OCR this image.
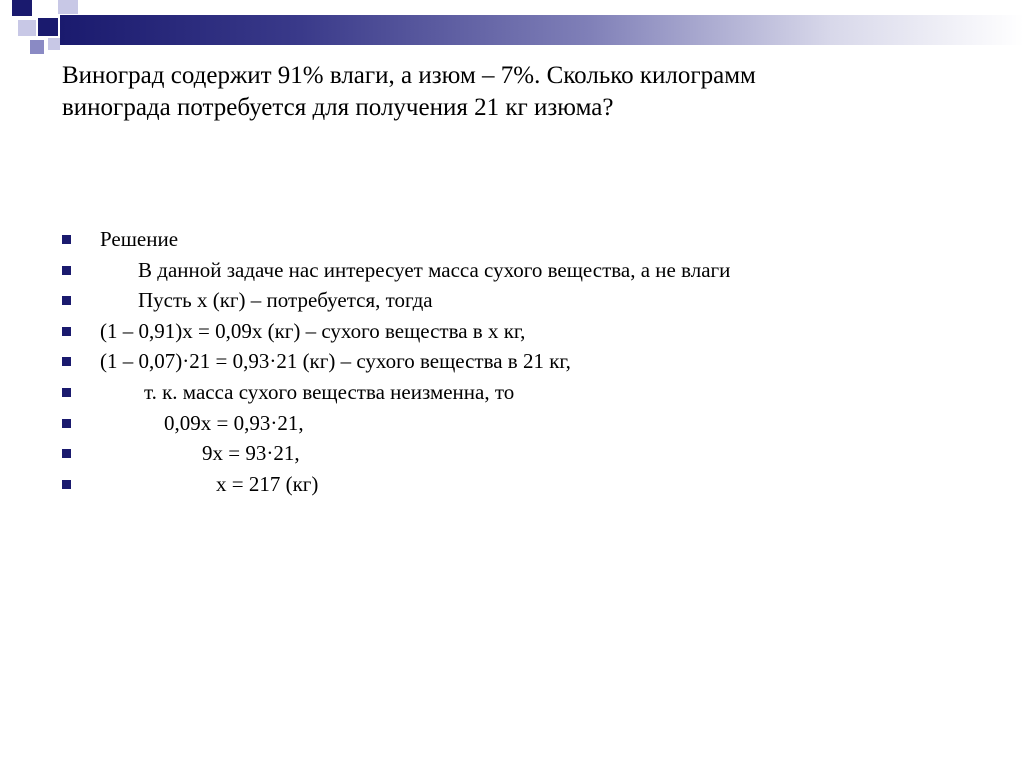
Виноград содержит 91% влаги, а изюм – 7%. Сколько килограмм
винограда потребуется для получения 21 кг изюма?

Решение

В данной задаче нас интересует масса сухого вещества, а не влаги

Пусть х (кг) – потребуется, тогда

(1 – 0,91)х = 0,09х (кг) – сухого вещества в х кг,

(1 – 0,07)·21 = 0,93·21 (кг) – сухого вещества в 21 кг,

т. к. масса сухого вещества неизменна, то

0,09х = 0,93·21,

9х = 93·21,

х = 217 (кг)
